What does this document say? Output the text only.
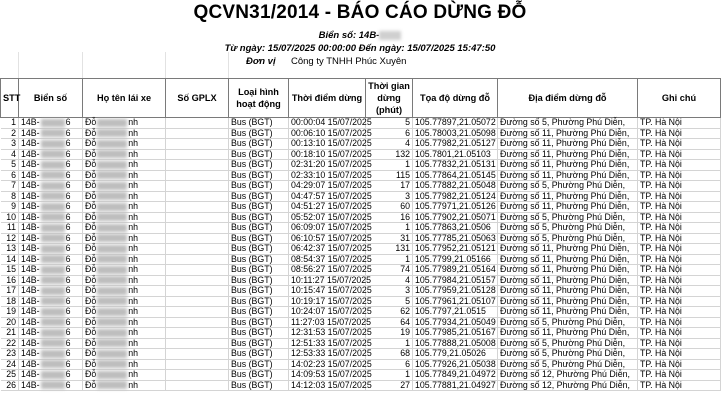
QCVN31/2014 - BÁO CÁO DỪNG ĐỖ
Biển số: 14B-
Từ ngày: 15/07/2025 00:00:00 Đến ngày: 15/07/2025 15:47:50
Đơn vị Công ty TNHH Phúc Xuyên
STT	Biển số	Họ tên lái xe	Số GPLX	Loại hình hoạt động	Thời điểm dừng	Thời gian dừng (phút)	Tọa độ dừng đỗ	Địa điểm dừng đỗ	Ghi chú
1	14B- 6	Đỗ nh		Bus (BGT)	00:00:04 15/07/2025	5	105.77897,21.05072	Đường số 5, Phường Phú Diễn,	TP. Hà Nội
2	14B- 6	Đỗ nh		Bus (BGT)	00:06:10 15/07/2025	6	105.78003,21.05098	Đường số 11, Phường Phú Diễn,	TP. Hà Nội
3	14B- 6	Đỗ nh		Bus (BGT)	00:13:10 15/07/2025	4	105.77982,21.05127	Đường số 11, Phường Phú Diễn,	TP. Hà Nội
4	14B- 6	Đỗ nh		Bus (BGT)	00:18:10 15/07/2025	132	105.7801,21.05103	Đường số 11, Phường Phú Diễn,	TP. Hà Nội
5	14B- 6	Đỗ nh		Bus (BGT)	02:31:20 15/07/2025	1	105.77832,21.05131	Đường số 11, Phường Phú Diễn,	TP. Hà Nội
6	14B- 6	Đỗ nh		Bus (BGT)	02:33:10 15/07/2025	115	105.77864,21.05145	Đường số 11, Phường Phú Diễn,	TP. Hà Nội
7	14B- 6	Đỗ nh		Bus (BGT)	04:29:07 15/07/2025	17	105.77882,21.05048	Đường số 5, Phường Phú Diễn,	TP. Hà Nội
8	14B- 6	Đỗ nh		Bus (BGT)	04:47:57 15/07/2025	3	105.77982,21.05124	Đường số 11, Phường Phú Diễn,	TP. Hà Nội
9	14B- 6	Đỗ nh		Bus (BGT)	04:51:27 15/07/2025	60	105.77971,21.05126	Đường số 11, Phường Phú Diễn,	TP. Hà Nội
10	14B- 6	Đỗ nh		Bus (BGT)	05:52:07 15/07/2025	16	105.77902,21.05071	Đường số 5, Phường Phú Diễn,	TP. Hà Nội
11	14B- 6	Đỗ nh		Bus (BGT)	06:09:07 15/07/2025	1	105.77863,21.0506	Đường số 5, Phường Phú Diễn,	TP. Hà Nội
12	14B- 6	Đỗ nh		Bus (BGT)	06:10:57 15/07/2025	31	105.77785,21.05063	Đường số 5, Phường Phú Diễn,	TP. Hà Nội
13	14B- 6	Đỗ nh		Bus (BGT)	06:42:37 15/07/2025	131	105.77952,21.05121	Đường số 11, Phường Phú Diễn,	TP. Hà Nội
14	14B- 6	Đỗ nh		Bus (BGT)	08:54:37 15/07/2025	1	105.7799,21.05166	Đường số 11, Phường Phú Diễn,	TP. Hà Nội
15	14B- 6	Đỗ nh		Bus (BGT)	08:56:27 15/07/2025	74	105.77989,21.05164	Đường số 11, Phường Phú Diễn,	TP. Hà Nội
16	14B- 6	Đỗ nh		Bus (BGT)	10:11:27 15/07/2025	4	105.77984,21.05157	Đường số 11, Phường Phú Diễn,	TP. Hà Nội
17	14B- 6	Đỗ nh		Bus (BGT)	10:15:47 15/07/2025	3	105.77959,21.05128	Đường số 11, Phường Phú Diễn,	TP. Hà Nội
18	14B- 6	Đỗ nh		Bus (BGT)	10:19:17 15/07/2025	5	105.77961,21.05107	Đường số 11, Phường Phú Diễn,	TP. Hà Nội
19	14B- 6	Đỗ nh		Bus (BGT)	10:24:07 15/07/2025	62	105.7797,21.0515	Đường số 11, Phường Phú Diễn,	TP. Hà Nội
20	14B- 6	Đỗ nh		Bus (BGT)	11:27:03 15/07/2025	64	105.77934,21.05049	Đường số 5, Phường Phú Diễn,	TP. Hà Nội
21	14B- 6	Đỗ nh		Bus (BGT)	12:31:53 15/07/2025	19	105.77985,21.05167	Đường số 11, Phường Phú Diễn,	TP. Hà Nội
22	14B- 6	Đỗ nh		Bus (BGT)	12:51:33 15/07/2025	1	105.77888,21.05008	Đường số 5, Phường Phú Diễn,	TP. Hà Nội
23	14B- 6	Đỗ nh		Bus (BGT)	12:53:33 15/07/2025	68	105.779,21.05026	Đường số 5, Phường Phú Diễn,	TP. Hà Nội
24	14B- 6	Đỗ nh		Bus (BGT)	14:02:23 15/07/2025	6	105.77926,21.05038	Đường số 5, Phường Phú Diễn,	TP. Hà Nội
25	14B- 6	Đỗ nh		Bus (BGT)	14:09:53 15/07/2025	1	105.77849,21.04972	Đường số 12, Phường Phú Diễn,	TP. Hà Nội
26	14B- 6	Đỗ nh		Bus (BGT)	14:12:03 15/07/2025	27	105.77881,21.04927	Đường số 12, Phường Phú Diễn,	TP. Hà Nội
